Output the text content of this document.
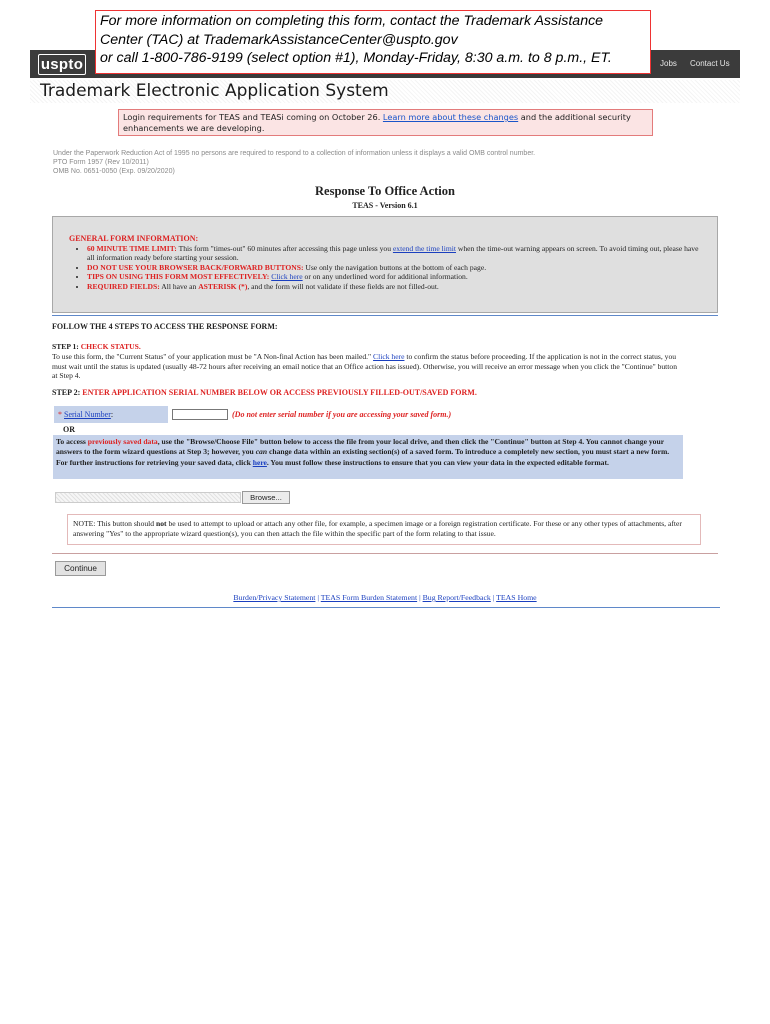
uspto	Jobs Contact Us
For more information on completing this form, contact the Trademark Assistance
Center (TAC) at TrademarkAssistanceCenter@uspto.gov
or call 1-800-786-9199 (select option #1), Monday-Friday, 8:30 a.m. to 8 p.m., ET.
Trademark Electronic Application System
Login requirements for TEAS and TEASi coming on October 26. Learn more about these changes and the additional security enhancements we are developing.
Under the Paperwork Reduction Act of 1995 no persons are required to respond to a collection of information unless it displays a valid OMB control number.
PTO Form 1957 (Rev 10/2011)
OMB No. 0651-0050 (Exp. 09/20/2020)
Response To Office Action
TEAS - Version 6.1
GENERAL FORM INFORMATION:
• 60 MINUTE TIME LIMIT: This form "times-out" 60 minutes after accessing this page unless you extend the time limit when the time-out warning appears on screen. To avoid timing out, please have all information ready before starting your session.
• DO NOT USE YOUR BROWSER BACK/FORWARD BUTTONS: Use only the navigation buttons at the bottom of each page.
• TIPS ON USING THIS FORM MOST EFFECTIVELY: Click here or on any underlined word for additional information.
• REQUIRED FIELDS: All have an ASTERISK (*), and the form will not validate if these fields are not filled-out.
FOLLOW THE 4 STEPS TO ACCESS THE RESPONSE FORM:
STEP 1: CHECK STATUS.
To use this form, the "Current Status" of your application must be "A Non-final Action has been mailed." Click here to confirm the status before proceeding. If the application is not in the correct status, you must wait until the status is updated (usually 48-72 hours after receiving an email notice that an Office action has issued). Otherwise, you will receive an error message when you click the "Continue" button at Step 4.
STEP 2: ENTER APPLICATION SERIAL NUMBER BELOW OR ACCESS PREVIOUSLY FILLED-OUT/SAVED FORM.
* Serial Number:	(Do not enter serial number if you are accessing your saved form.)
OR
To access previously saved data, use the "Browse/Choose File" button below to access the file from your local drive, and then click the "Continue" button at Step 4. You cannot change your answers to the form wizard questions at Step 3; however, you can change data within an existing section(s) of a saved form. To introduce a completely new section, you must start a new form. For further instructions for retrieving your saved data, click here. You must follow these instructions to ensure that you can view your data in the expected editable format.
Browse...
NOTE: This button should not be used to attempt to upload or attach any other file, for example, a specimen image or a foreign registration certificate. For these or any other types of attachments, after answering "Yes" to the appropriate wizard question(s), you can then attach the file within the specific part of the form relating to that issue.
Continue
Burden/Privacy Statement | TEAS Form Burden Statement | Bug Report/Feedback | TEAS Home
